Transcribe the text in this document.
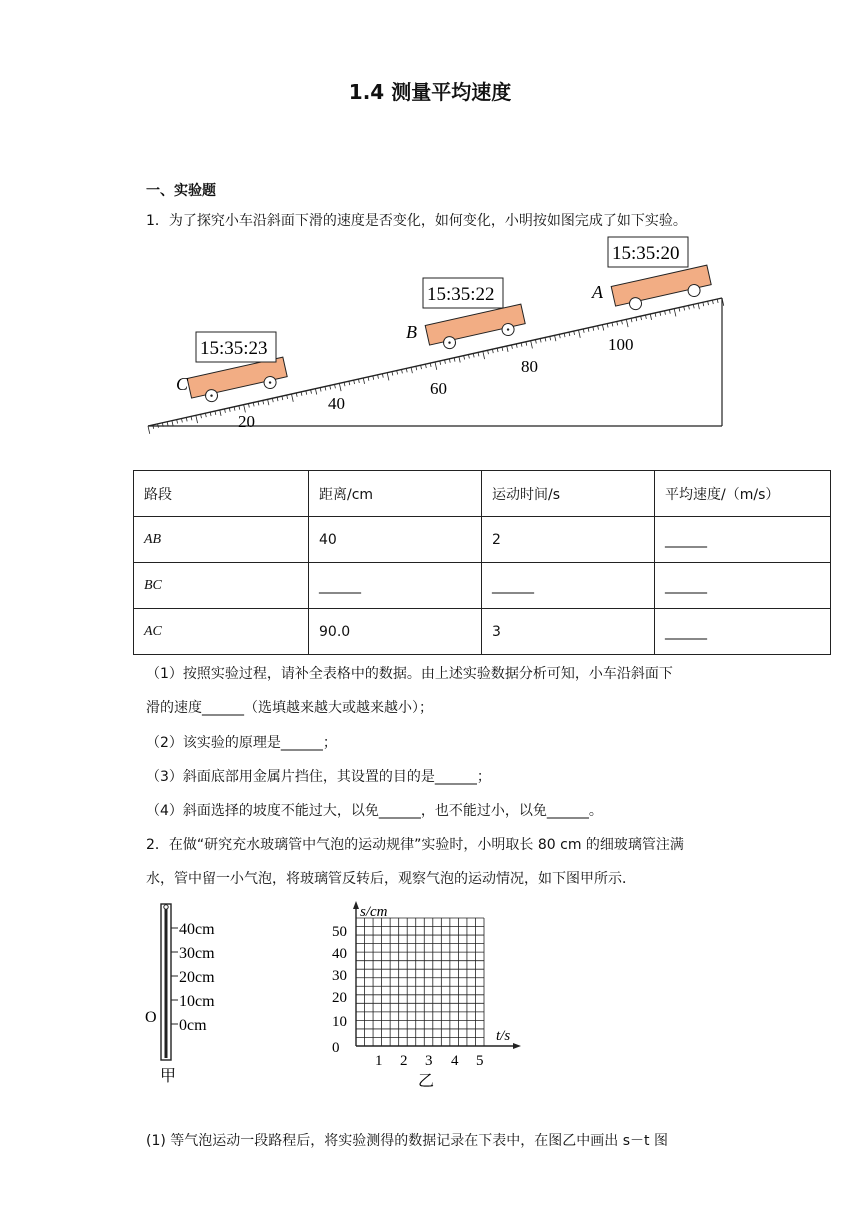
1.4 测量平均速度
一、实验题
1．为了探究小车沿斜面下滑的速度是否变化，如何变化，小明按如图完成了如下实验。
20
40
60
80
100
C
B
A
15:35:23
15:35:22
15:35:20
路段	距离/cm	运动时间/s	平均速度/（m/s）
AB	40	2	______
BC	______	______	______
AC	90.0	3	______
（1）按照实验过程，请补全表格中的数据。由上述实验数据分析可知，小车沿斜面下
滑的速度______（选填越来越大或越来越小）；
（2）该实验的原理是______；
（3）斜面底部用金属片挡住，其设置的目的是______；
（4）斜面选择的坡度不能过大，以免______，也不能过小，以免______。
2．在做“研究充水玻璃管中气泡的运动规律”实验时，小明取长 80 cm 的细玻璃管注满
水，管中留一小气泡，将玻璃管反转后，观察气泡的运动情况，如下图甲所示．
40cm
30cm
20cm
10cm
0cm
O
甲
s/cm
t/s
50
40
30
20
10
0
1 2 3 4 5
乙
(1) 等气泡运动一段路程后，将实验测得的数据记录在下表中，在图乙中画出 s－t 图
